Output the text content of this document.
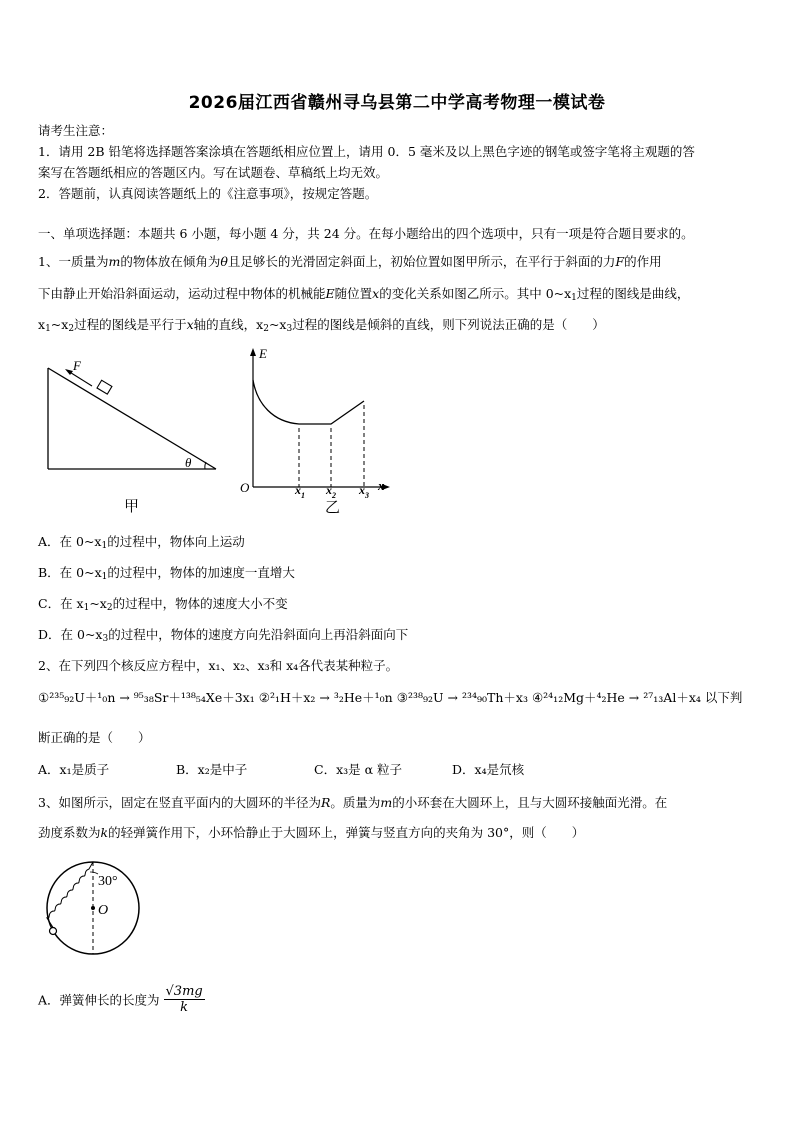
2026届江西省赣州寻乌县第二中学高考物理一模试卷
请考生注意：
1．请用 2B 铅笔将选择题答案涂填在答题纸相应位置上，请用 0．5 毫米及以上黑色字迹的钢笔或签字笔将主观题的答
案写在答题纸相应的答题区内。写在试题卷、草稿纸上均无效。
2．答题前，认真阅读答题纸上的《注意事项》，按规定答题。
一、单项选择题：本题共 6 小题，每小题 4 分，共 24 分。在每小题给出的四个选项中，只有一项是符合题目要求的。
1、一质量为m的物体放在倾角为θ且足够长的光滑固定斜面上，初始位置如图甲所示，在平行于斜面的力F的作用
下由静止开始沿斜面运动，运动过程中物体的机械能E随位置x的变化关系如图乙所示。其中 $0\sim x_1$过程的图线是曲线，
$x_1\sim x_2$过程的图线是平行于x轴的直线，$x_2\sim x_3$过程的图线是倾斜的直线，则下列说法正确的是（　　）
F
θ
甲
E
O	x
$x_1$ $x_2$ $x_3$
乙
A．在 $0\sim x_1$的过程中，物体向上运动
B．在 $0\sim x_1$的过程中，物体的加速度一直增大
C．在 $x_1\sim x_2$的过程中，物体的速度大小不变
D．在 $0\sim x_3$的过程中，物体的速度方向先沿斜面向上再沿斜面向下
2、在下列四个核反应方程中，x₁、x₂、x₃和 x₄各代表某种粒子。
①²³⁵₉₂U＋¹₀n → ⁹⁵₃₈Sr＋¹³⁸₅₄Xe＋3x₁ ②²₁H＋x₂ → ³₂He＋¹₀n ③²³⁸₉₂U → ²³⁴₉₀Th＋x₃ ④²⁴₁₂Mg＋⁴₂He → ²⁷₁₃Al＋x₄ 以下判
断正确的是（　　）
A．x₁是质子	B．x₂是中子	C．x₃是 α 粒子	D．x₄是氘核
3、如图所示，固定在竖直平面内的大圆环的半径为R。质量为m的小环套在大圆环上，且与大圆环接触面光滑。在
劲度系数为k的轻弹簧作用下，小环恰静止于大圆环上，弹簧与竖直方向的夹角为 30°，则（　　）
O
30°
A．弹簧伸长的长度为 $\frac{√3mg}{k}$
